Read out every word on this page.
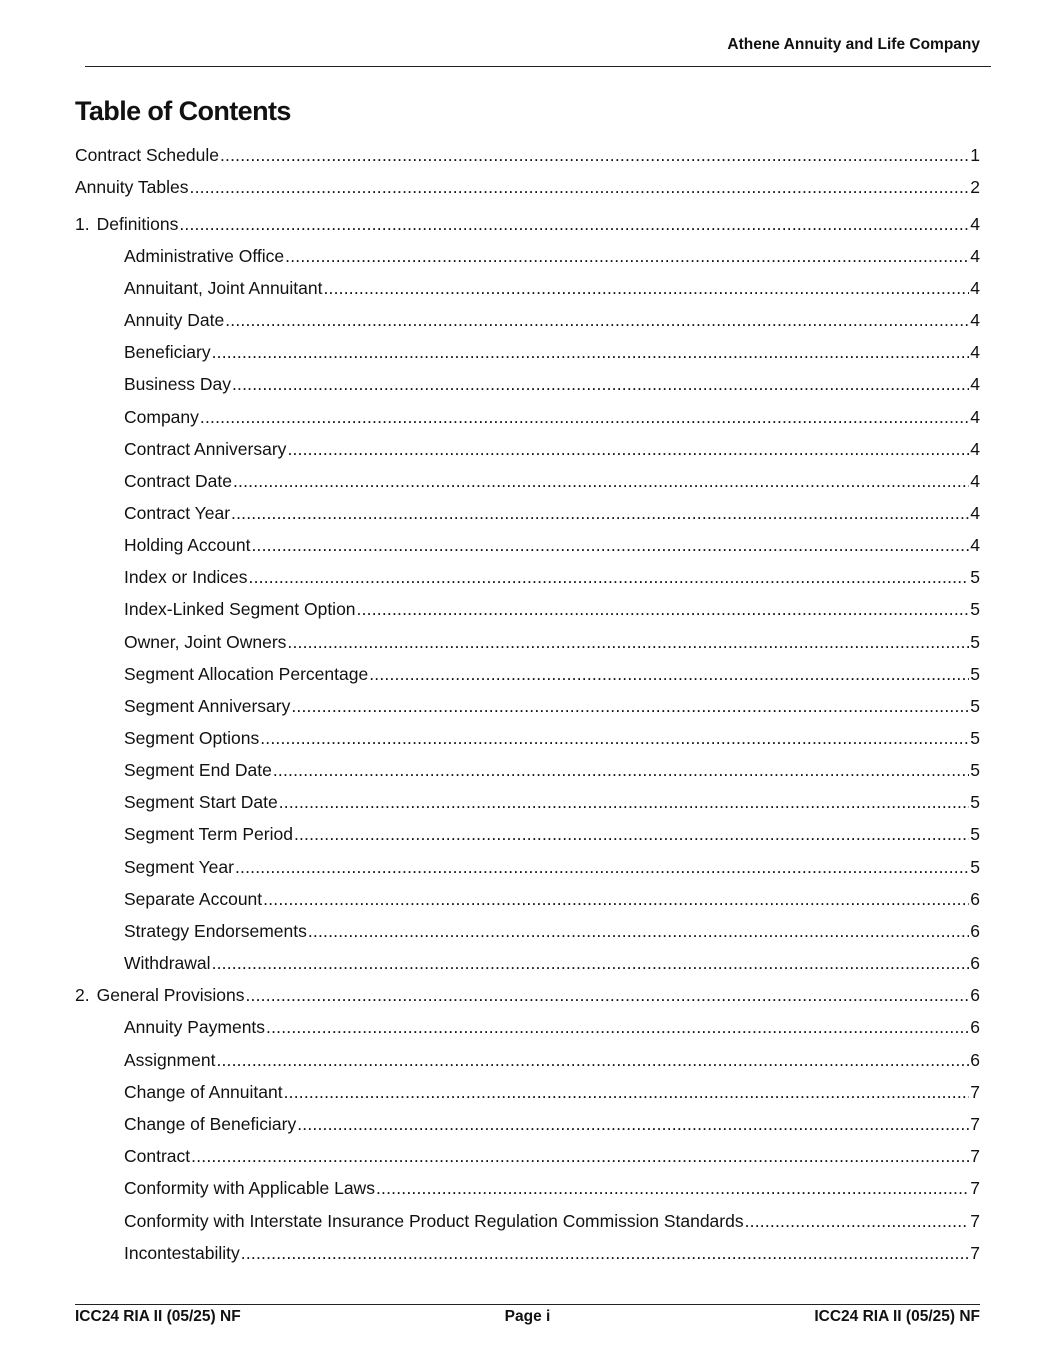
Athene Annuity and Life Company
Table of Contents
Contract Schedule .....	1
Annuity Tables .....	2
1. Definitions .....	4
Administrative Office .....	4
Annuitant, Joint Annuitant .....	4
Annuity Date .....	4
Beneficiary .....	4
Business Day .....	4
Company .....	4
Contract Anniversary .....	4
Contract Date .....	4
Contract Year .....	4
Holding Account .....	4
Index or Indices .....	5
Index-Linked Segment Option .....	5
Owner, Joint Owners .....	5
Segment Allocation Percentage .....	5
Segment Anniversary .....	5
Segment Options .....	5
Segment End Date .....	5
Segment Start Date .....	5
Segment Term Period .....	5
Segment Year .....	5
Separate Account .....	6
Strategy Endorsements .....	6
Withdrawal .....	6
2. General Provisions .....	6
Annuity Payments .....	6
Assignment .....	6
Change of Annuitant .....	7
Change of Beneficiary .....	7
Contract .....	7
Conformity with Applicable Laws .....	7
Conformity with Interstate Insurance Product Regulation Commission Standards .....	7
Incontestability .....	7
Page i
ICC24 RIA II (05/25) NF	ICC24 RIA II (05/25) NF
